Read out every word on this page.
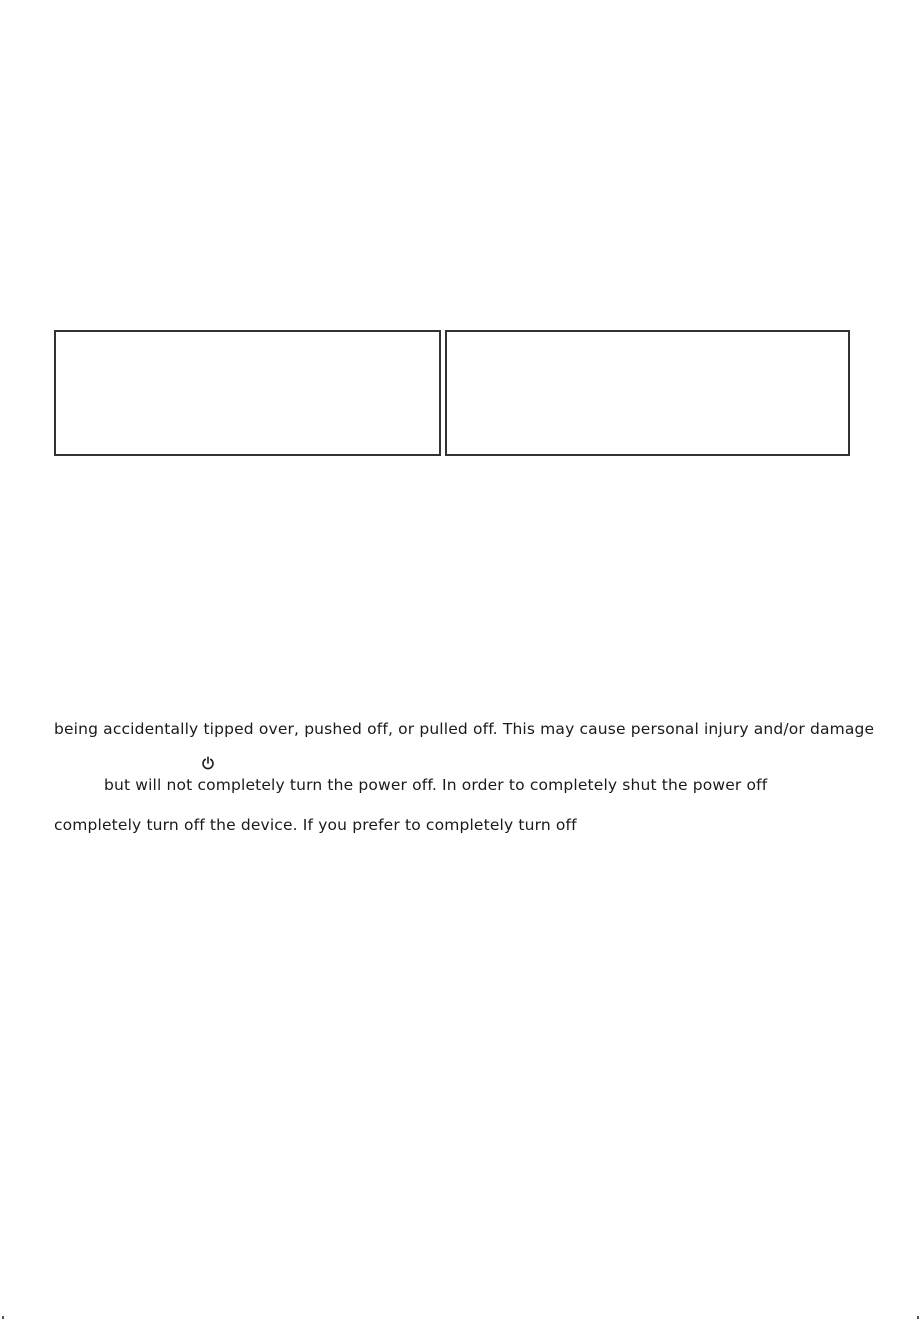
being accidentally tipped over, pushed off, or pulled off. This may cause personal injury and/or damage
but will not completely turn the power off. In order to completely shut the power off
completely turn off the device. If you prefer to completely turn off
